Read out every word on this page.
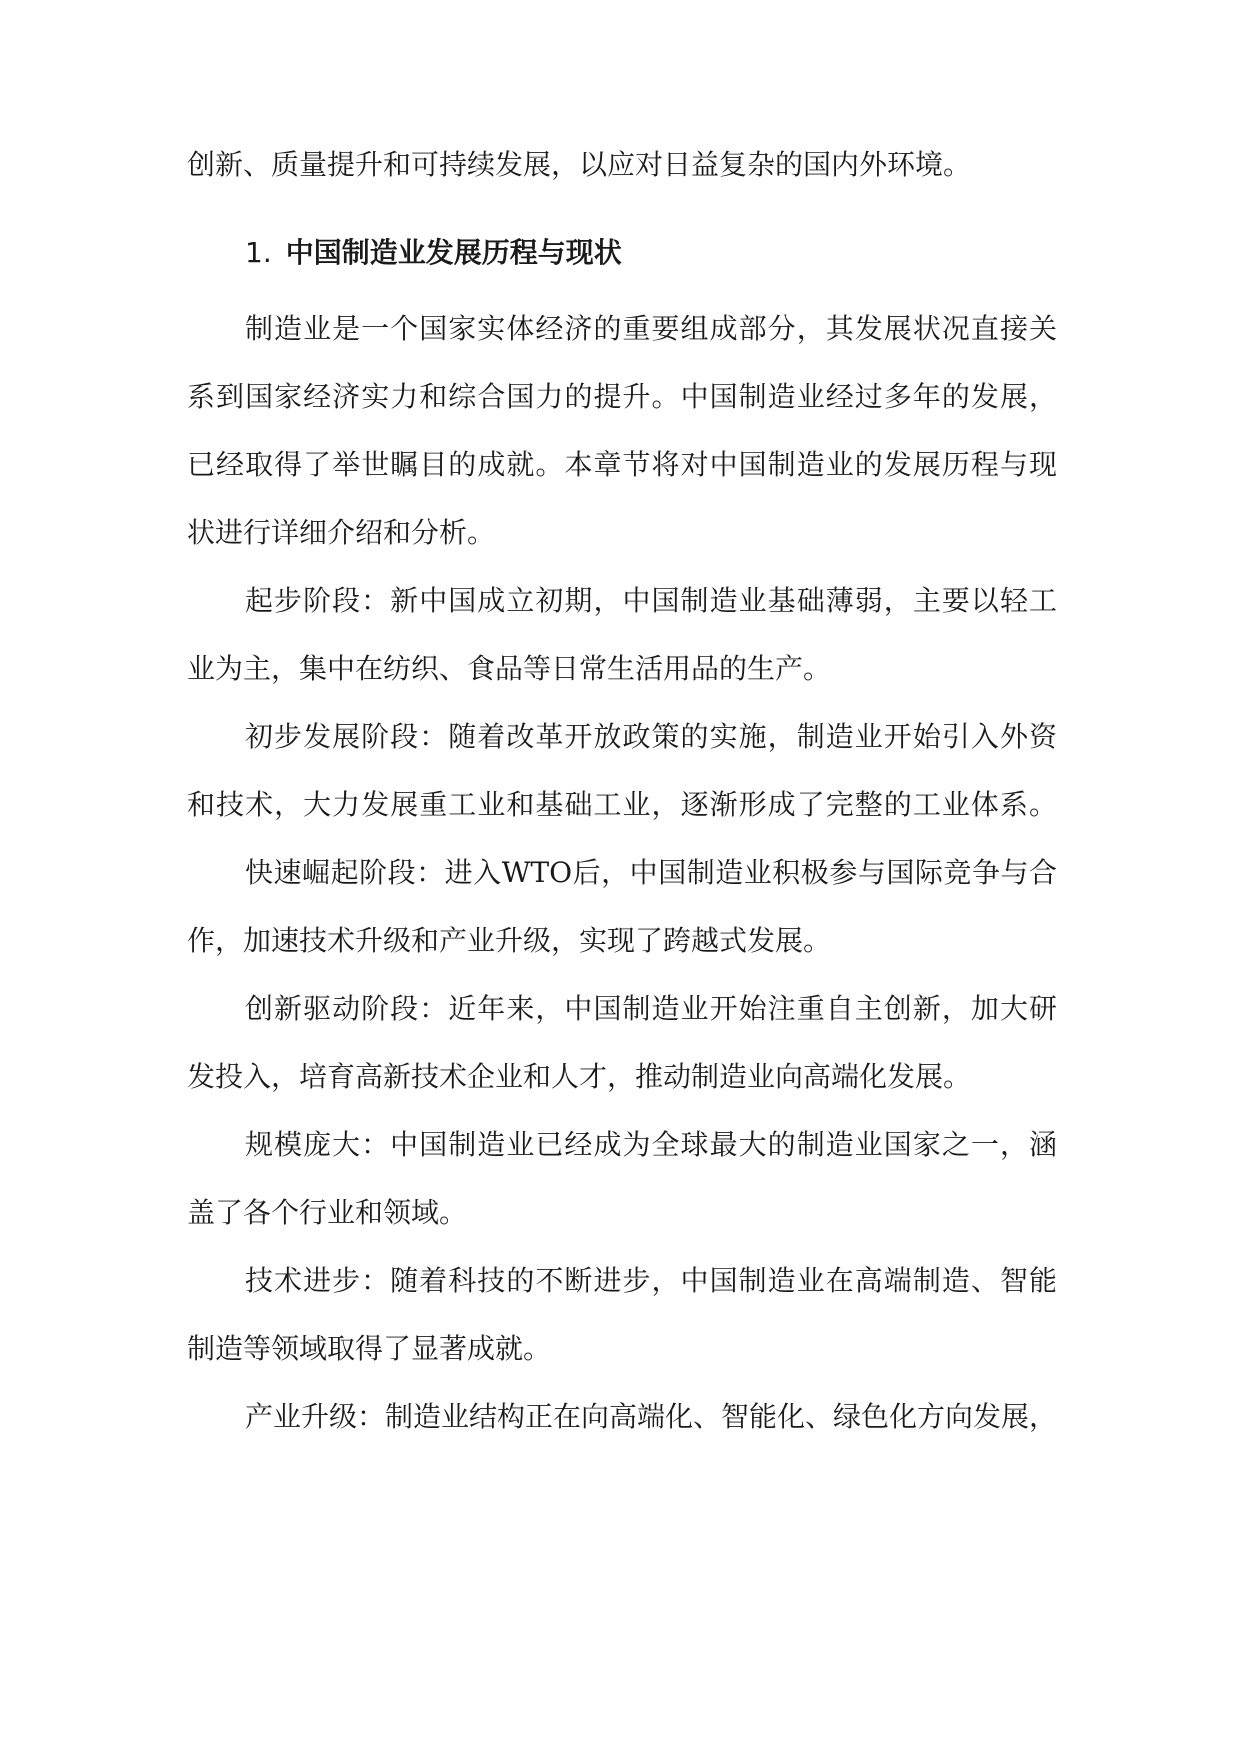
创新、质量提升和可持续发展，以应对日益复杂的国内外环境。

1. 中国制造业发展历程与现状

制造业是一个国家实体经济的重要组成部分，其发展状况直接关

系到国家经济实力和综合国力的提升。中国制造业经过多年的发展，

已经取得了举世瞩目的成就。本章节将对中国制造业的发展历程与现

状进行详细介绍和分析。

起步阶段：新中国成立初期，中国制造业基础薄弱，主要以轻工

业为主，集中在纺织、食品等日常生活用品的生产。

初步发展阶段：随着改革开放政策的实施，制造业开始引入外资

和技术，大力发展重工业和基础工业，逐渐形成了完整的工业体系。

快速崛起阶段：进入WTO后，中国制造业积极参与国际竞争与合

作，加速技术升级和产业升级，实现了跨越式发展。

创新驱动阶段：近年来，中国制造业开始注重自主创新，加大研

发投入，培育高新技术企业和人才，推动制造业向高端化发展。

规模庞大：中国制造业已经成为全球最大的制造业国家之一，涵

盖了各个行业和领域。

技术进步：随着科技的不断进步，中国制造业在高端制造、智能

制造等领域取得了显著成就。

产业升级：制造业结构正在向高端化、智能化、绿色化方向发展，
